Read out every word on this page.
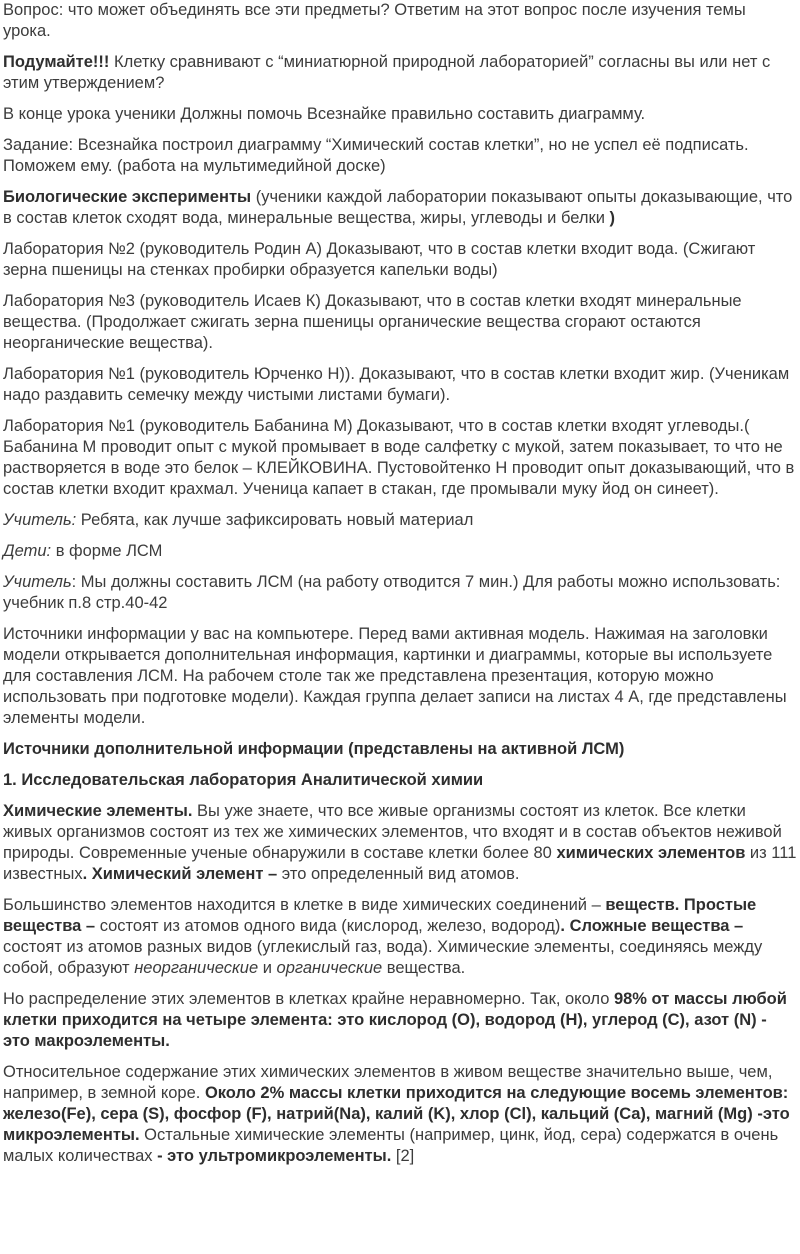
Вопрос: что может объединять все эти предметы? Ответим на этот вопрос после изучения темы урока.

Подумайте!!! Клетку сравнивают с “миниатюрной природной лабораторией” согласны вы или нет с этим утверждением?

В конце урока ученики Должны помочь Всезнайке правильно составить диаграмму.

Задание: Всезнайка построил диаграмму “Химический состав клетки”, но не успел её подписать. Поможем ему. (работа на мультимедийной доске)

Биологические эксперименты (ученики каждой лаборатории показывают опыты доказывающие, что в состав клеток сходят вода, минеральные вещества, жиры, углеводы и белки )

Лаборатория №2 (руководитель Родин А) Доказывают, что в состав клетки входит вода. (Сжигают зерна пшеницы на стенках пробирки образуется капельки воды)

Лаборатория №3 (руководитель Исаев К) Доказывают, что в состав клетки входят минеральные вещества. (Продолжает сжигать зерна пшеницы органические вещества сгорают остаются неорганические вещества).

Лаборатория №1 (руководитель Юрченко Н)). Доказывают, что в состав клетки входит жир. (Ученикам надо раздавить семечку между чистыми листами бумаги).

Лаборатория №1 (руководитель Бабанина М) Доказывают, что в состав клетки входят углеводы.( Бабанина М проводит опыт с мукой промывает в воде салфетку с мукой, затем показывает, то что не растворяется в воде это белок – КЛЕЙКОВИНА. Пустовойтенко Н проводит опыт доказывающий, что в состав клетки входит крахмал. Ученица капает в стакан, где промывали муку йод он синеет).

Учитель: Ребята, как лучше зафиксировать новый материал

Дети: в форме ЛСМ

Учитель: Мы должны составить ЛСМ (на работу отводится 7 мин.) Для работы можно использовать: учебник п.8 стр.40-42

Источники информации у вас на компьютере. Перед вами активная модель. Нажимая на заголовки модели открывается дополнительная информация, картинки и диаграммы, которые вы используете для составления ЛСМ. На рабочем столе так же представлена презентация, которую можно использовать при подготовке модели). Каждая группа делает записи на листах 4 А, где представлены элементы модели.

Источники дополнительной информации (представлены на активной ЛСМ)

1. Исследовательская лаборатория Аналитической химии

Химические элементы. Вы уже знаете, что все живые организмы состоят из клеток. Все клетки живых организмов состоят из тех же химических элементов, что входят и в состав объектов неживой природы. Современные ученые обнаружили в составе клетки более 80 химических элементов из 111 известных. Химический элемент – это определенный вид атомов.

Большинство элементов находится в клетке в виде химических соединений – веществ. Простые вещества – состоят из атомов одного вида (кислород, железо, водород). Сложные вещества – состоят из атомов разных видов (углекислый газ, вода). Химические элементы, соединяясь между собой, образуют неорганические и органические вещества.

Но распределение этих элементов в клетках крайне неравномерно. Так, около 98% от массы любой клетки приходится на четыре элемента: это кислород (О), водород (Н), углерод (С), азот (N) - это макроэлементы.

Относительное содержание этих химических элементов в живом веществе значительно выше, чем, например, в земной коре. Около 2% массы клетки приходится на следующие восемь элементов: железо(Fe), сера (S), фосфор (F), натрий(Na), калий (K), хлор (Cl), кальций (Ca), магний (Mg) -это микроэлементы. Остальные химические элементы (например, цинк, йод, сера) содержатся в очень малых количествах - это ультромикроэлементы. [2]
